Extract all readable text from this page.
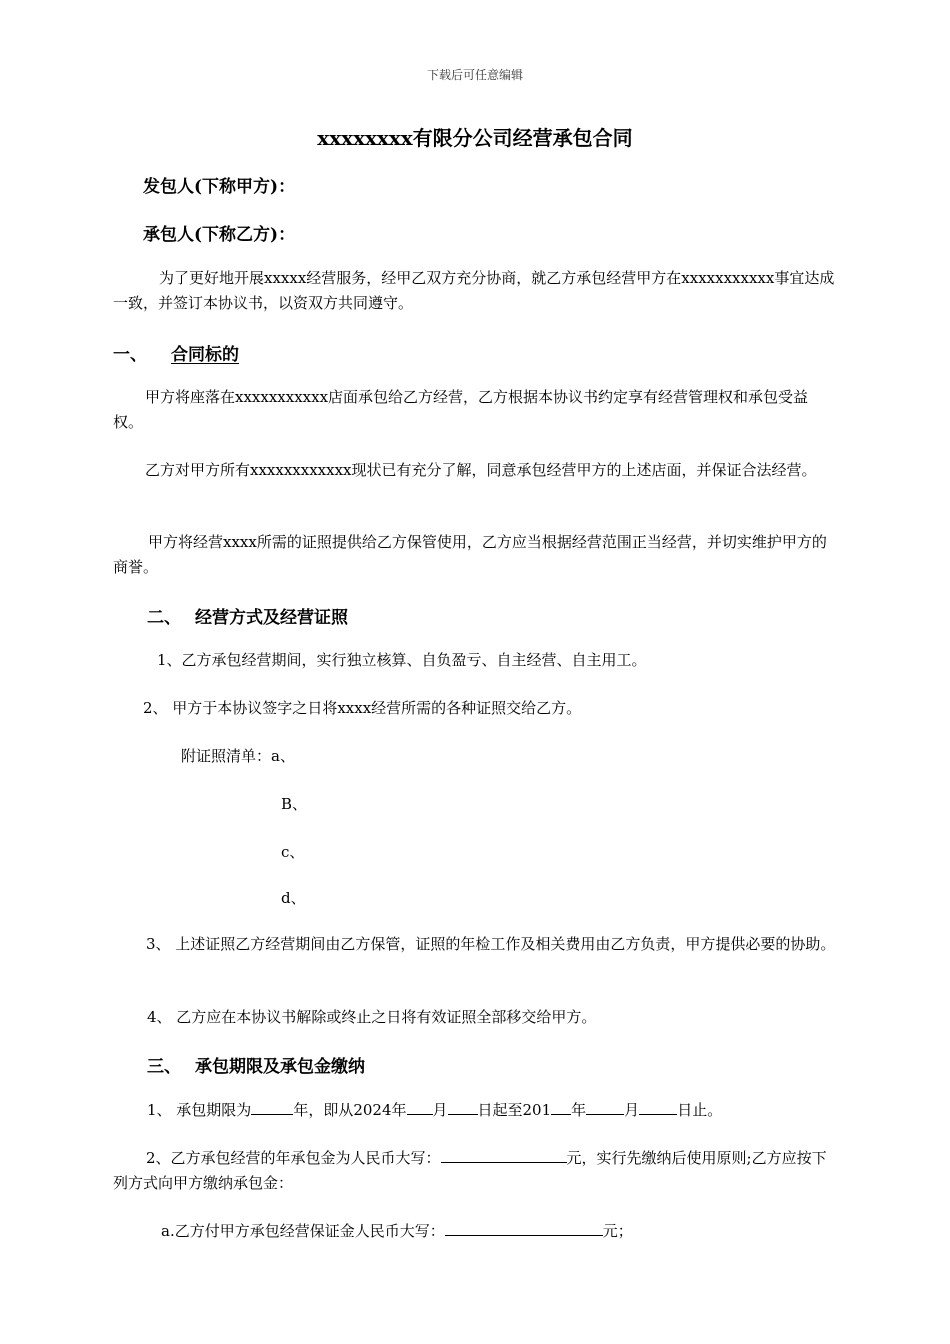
下载后可任意编辑
xxxxxxxx有限分公司经营承包合同
发包人(下称甲方)：
承包人(下称乙方)：
为了更好地开展xxxxx经营服务，经甲乙双方充分协商，就乙方承包经营甲方在xxxxxxxxxxx事宜达成一致，并签订本协议书，以资双方共同遵守。
一、 合同标的
甲方将座落在xxxxxxxxxxx店面承包给乙方经营，乙方根据本协议书约定享有经营管理权和承包受益权。
乙方对甲方所有xxxxxxxxxxxx现状已有充分了解，同意承包经营甲方的上述店面，并保证合法经营。
甲方将经营xxxx所需的证照提供给乙方保管使用，乙方应当根据经营范围正当经营，并切实维护甲方的商誉。
二、 经营方式及经营证照
1、乙方承包经营期间，实行独立核算、自负盈亏、自主经营、自主用工。
2、 甲方于本协议签字之日将xxxx经营所需的各种证照交给乙方。
附证照清单：a、
B、
c、
d、
3、 上述证照乙方经营期间由乙方保管，证照的年检工作及相关费用由乙方负责，甲方提供必要的协助。
4、 乙方应在本协议书解除或终止之日将有效证照全部移交给甲方。
三、 承包期限及承包金缴纳
1、 承包期限为	年，即从2024年 月 日起至201 年	月	日止。
2、乙方承包经营的年承包金为人民币大写：	元，实行先缴纳后使用原则;乙方应按下列方式向甲方缴纳承包金：
a.乙方付甲方承包经营保证金人民币大写：	元；
